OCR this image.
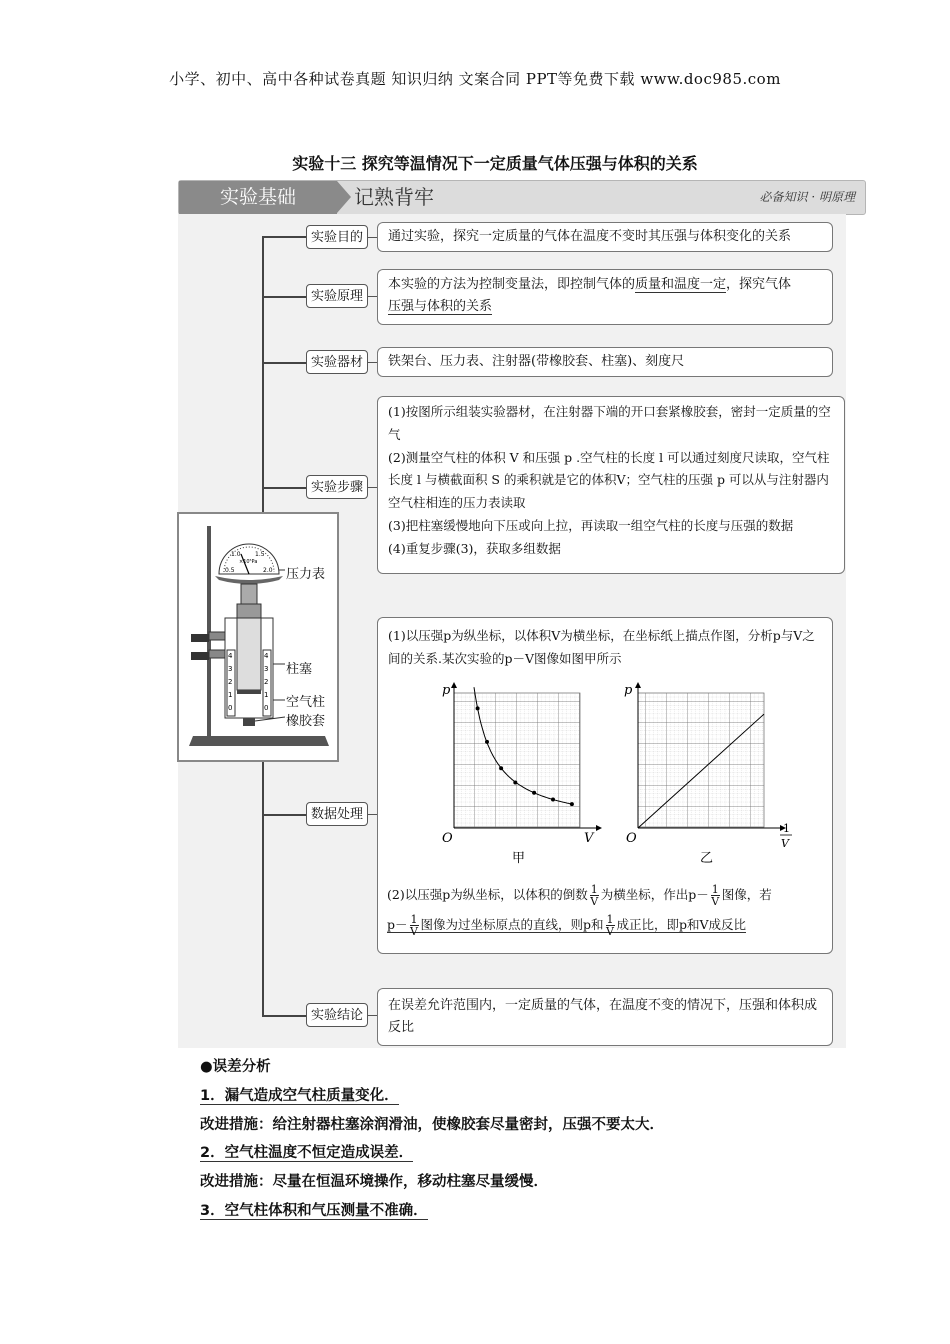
小学、初中、高中各种试卷真题 知识归纳 文案合同 PPT等免费下载 www.doc985.com
实验十三 探究等温情况下一定质量气体压强与体积的关系
实验基础	记熟背牢	必备知识 · 明原理
实验目的	通过实验，探究一定质量的气体在温度不变时其压强与体积变化的关系
实验原理
本实验的方法为控制变量法，即控制气体的质量和温度一定，探究气体
压强与体积的关系
实验器材	铁架台、压力表、注射器(带橡胶套、柱塞)、刻度尺
实验步骤
(1)按图所示组装实验器材，在注射器下端的开口套紧橡胶套，密封一定质量的空气
(2)测量空气柱的体积 V 和压强 p .空气柱的长度 l 可以通过刻度尺读取，空气柱长度 l 与横截面积 S 的乘积就是它的体积V；空气柱的压强 p 可以从与注射器内空气柱相连的压力表读取
(3)把柱塞缓慢地向下压或向上拉，再读取一组空气柱的长度与压强的数据
(4)重复步骤(3)，获取多组数据
0.5
1.0 1.5
2.0
×10⁵Pa
4
3
2
1
0
4
3
2
1
0
压力表
柱塞
空气柱
橡胶套
数据处理
(1)以压强p为纵坐标，以体积V为横坐标，在坐标纸上描点作图，分析p与V之间的关系.某次实验的p－V图像如图甲所示
p
O	V
甲
p
O
1
V
乙
(2)以压强p为纵坐标，以体积的倒数 $\frac{1}{V}$ 为横坐标，作出$p- \frac{1}{V}$ 图像，若
$p- \frac{1}{V}$ 图像为过坐标原点的直线，则p和 $\frac{1}{V}$ 成正比，即p和V成反比
实验结论
在误差允许范围内，一定质量的气体，在温度不变的情况下，压强和体积成反比
●误差分析
1．漏气造成空气柱质量变化．
改进措施：给注射器柱塞涂润滑油，使橡胶套尽量密封，压强不要太大．
2．空气柱温度不恒定造成误差．
改进措施：尽量在恒温环境操作，移动柱塞尽量缓慢．
3．空气柱体积和气压测量不准确．
